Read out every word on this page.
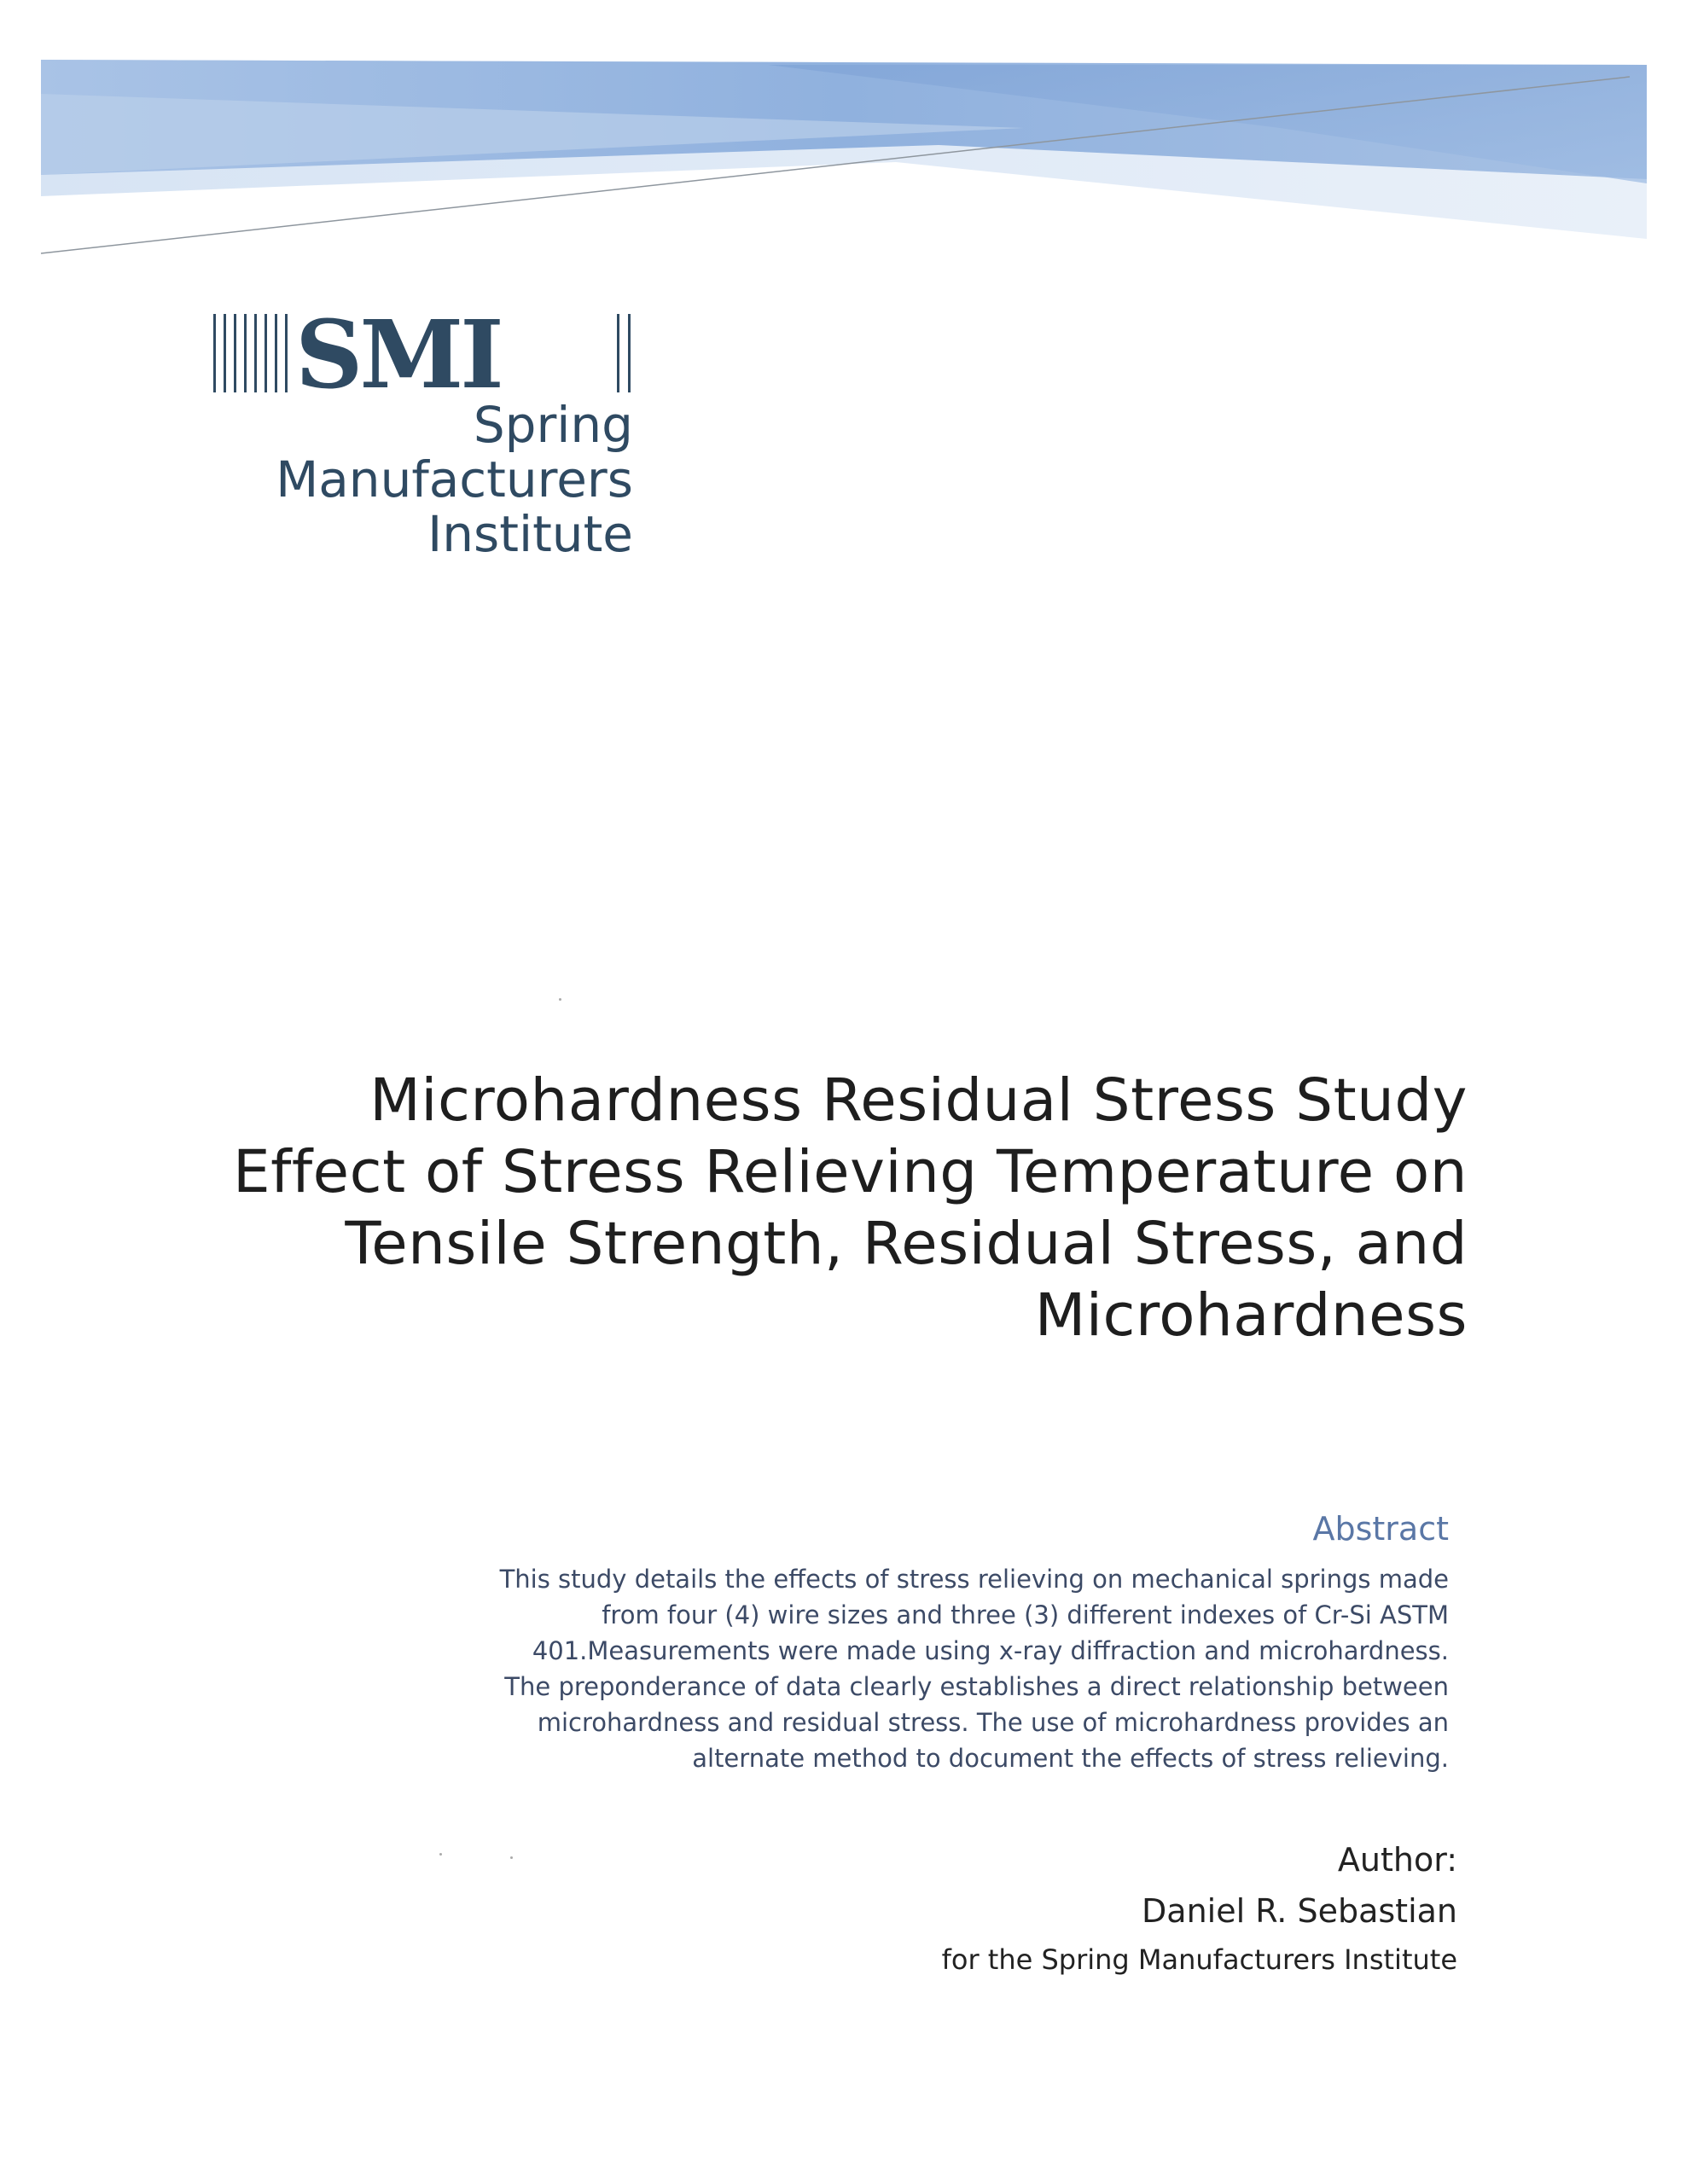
SMI
Spring
Manufacturers
Institute
Microhardness Residual Stress Study
Effect of Stress Relieving Temperature on
Tensile Strength, Residual Stress, and
Microhardness
Abstract
This study details the effects of stress relieving on mechanical springs made
from four (4) wire sizes and three (3) different indexes of Cr-Si ASTM
401.Measurements were made using x-ray diffraction and microhardness.
The preponderance of data clearly establishes a direct relationship between
microhardness and residual stress. The use of microhardness provides an
alternate method to document the effects of stress relieving.
Author:
Daniel R. Sebastian
for the Spring Manufacturers Institute
